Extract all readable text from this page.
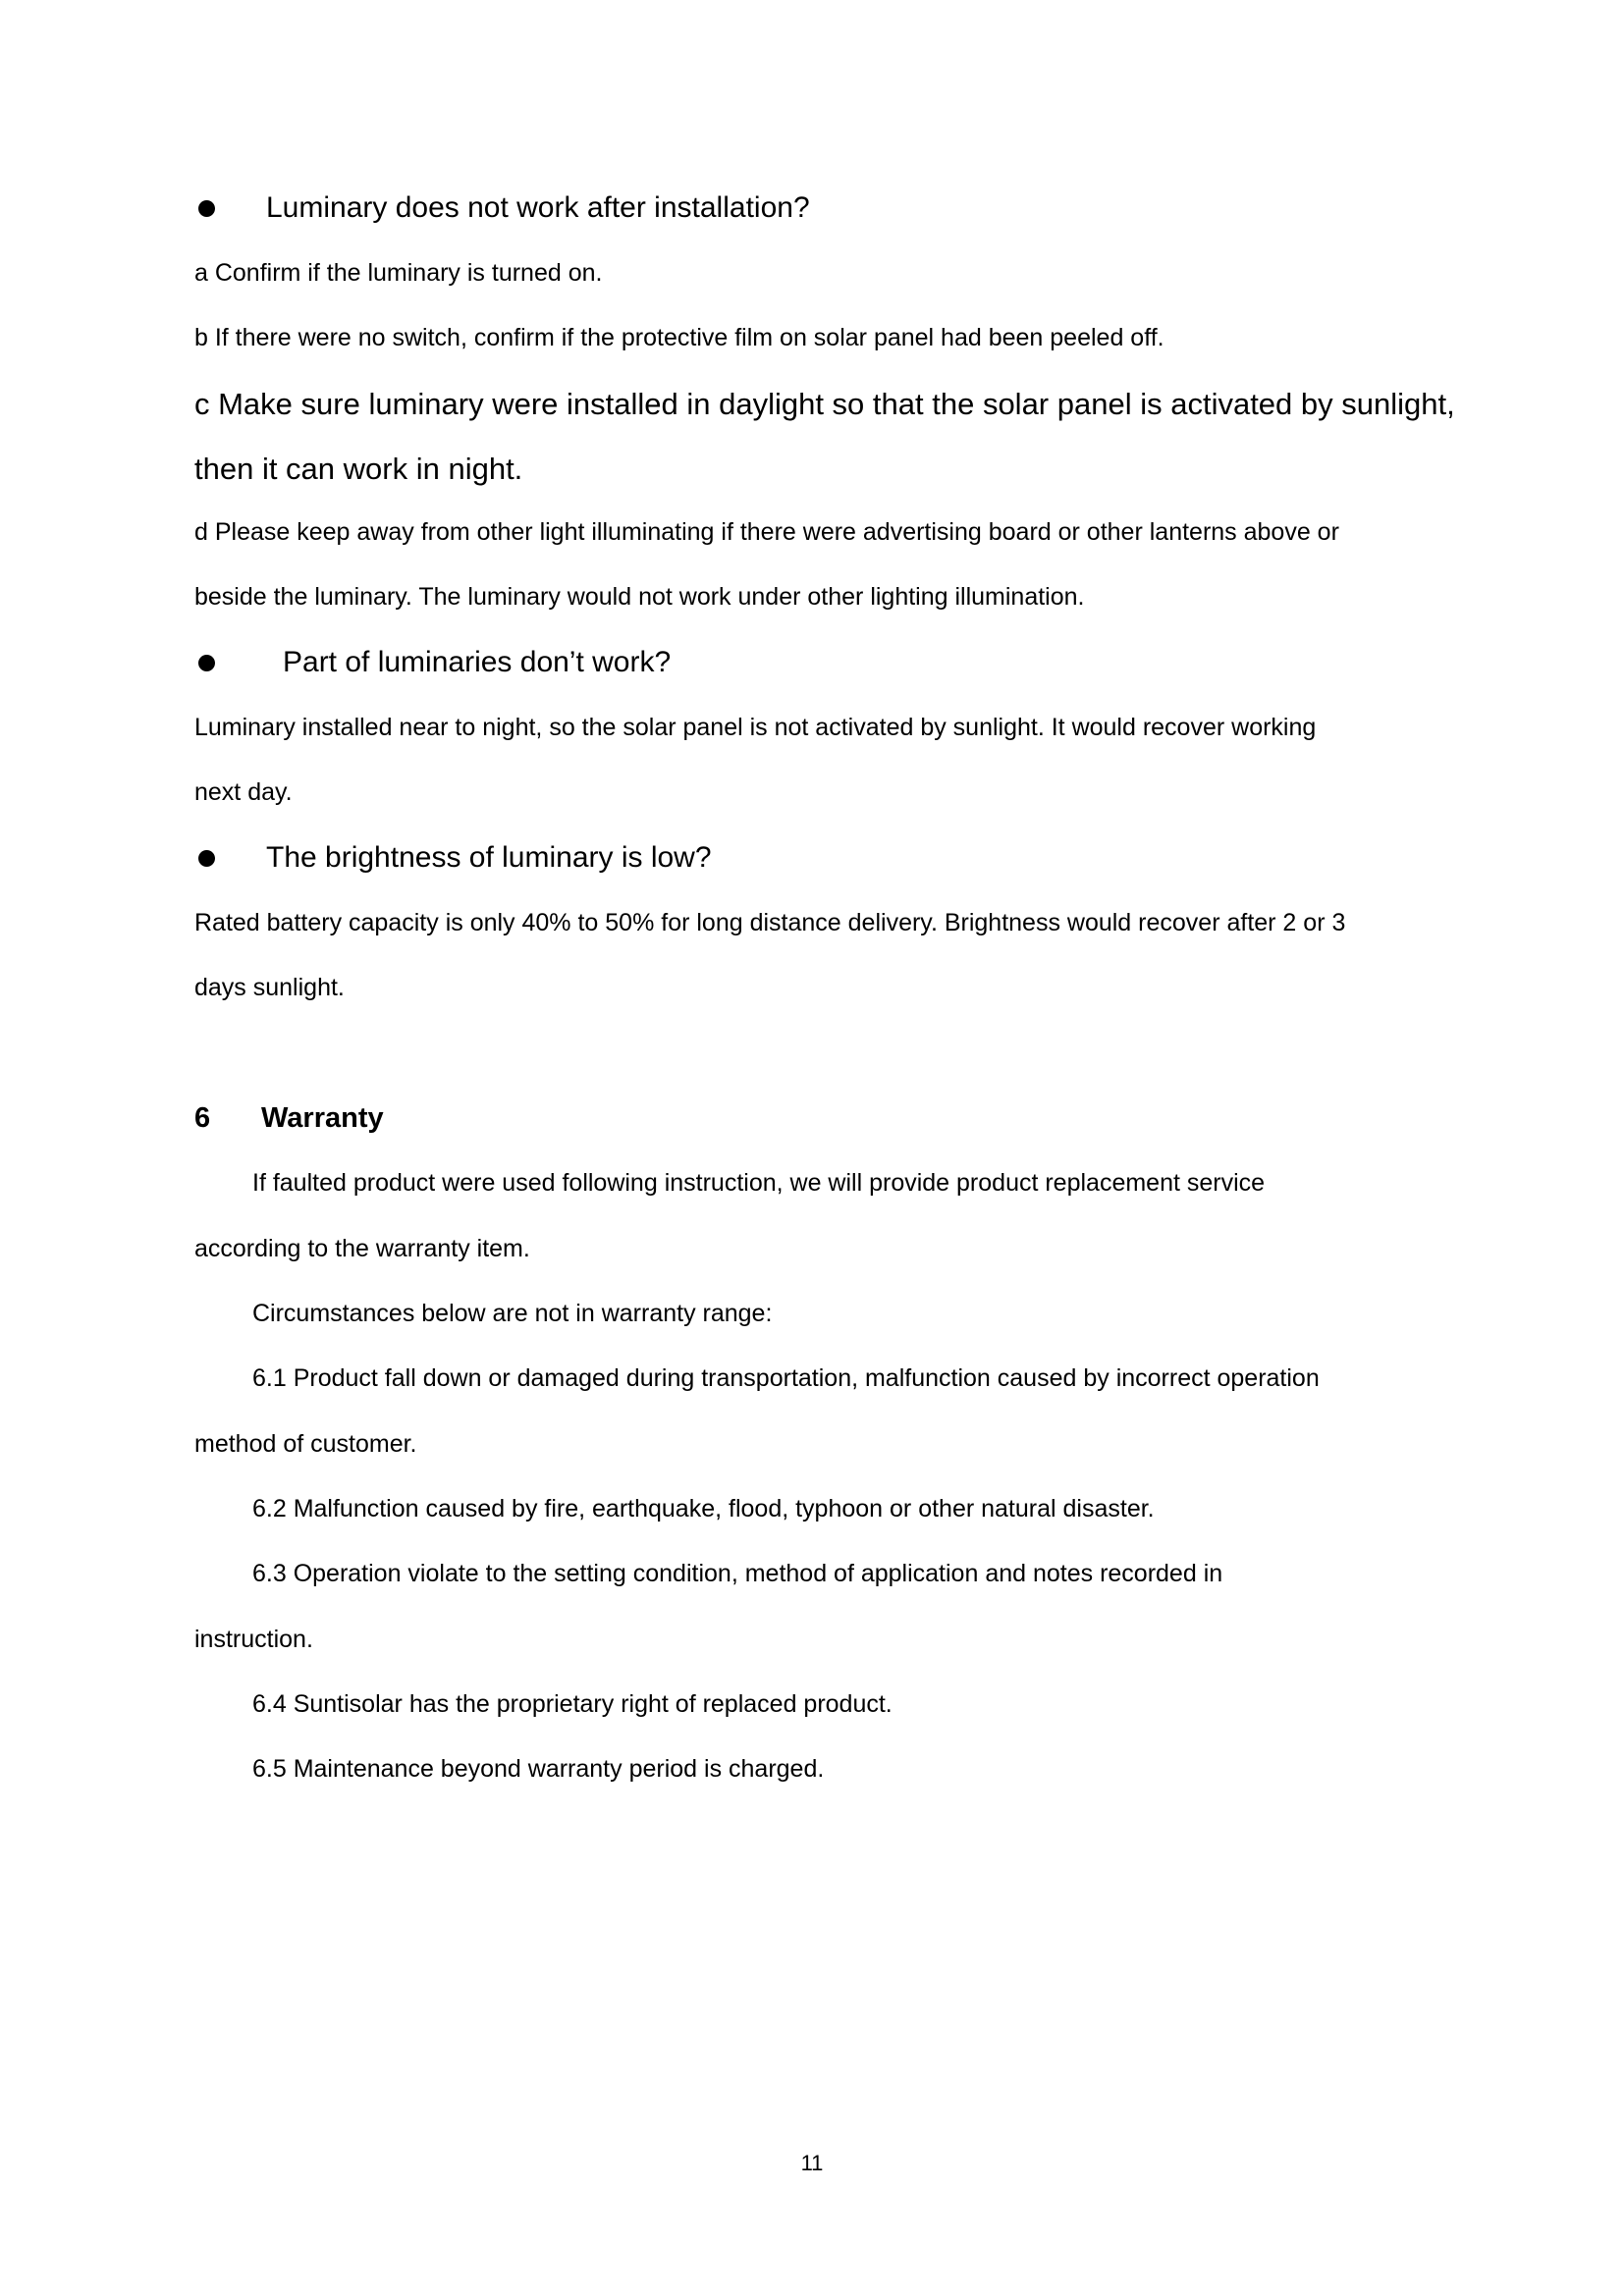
Luminary does not work after installation?
a Confirm if the luminary is turned on.
b If there were no switch, confirm if the protective film on solar panel had been peeled off.
c Make sure luminary were installed in daylight so that the solar panel is activated by sunlight,
then it can work in night.
d Please keep away from other light illuminating if there were advertising board or other lanterns above or
beside the luminary. The luminary would not work under other lighting illumination.
Part of luminaries don’t work?
Luminary installed near to night, so the solar panel is not activated by sunlight. It would recover working
next day.
The brightness of luminary is low?
Rated battery capacity is only 40% to 50% for long distance delivery. Brightness would recover after 2 or 3
days sunlight.
6 Warranty
If faulted product were used following instruction, we will provide product replacement service
according to the warranty item.
Circumstances below are not in warranty range:
6.1 Product fall down or damaged during transportation, malfunction caused by incorrect operation
method of customer.
6.2 Malfunction caused by fire, earthquake, flood, typhoon or other natural disaster.
6.3 Operation violate to the setting condition, method of application and notes recorded in
instruction.
6.4 Suntisolar has the proprietary right of replaced product.
6.5 Maintenance beyond warranty period is charged.
11
